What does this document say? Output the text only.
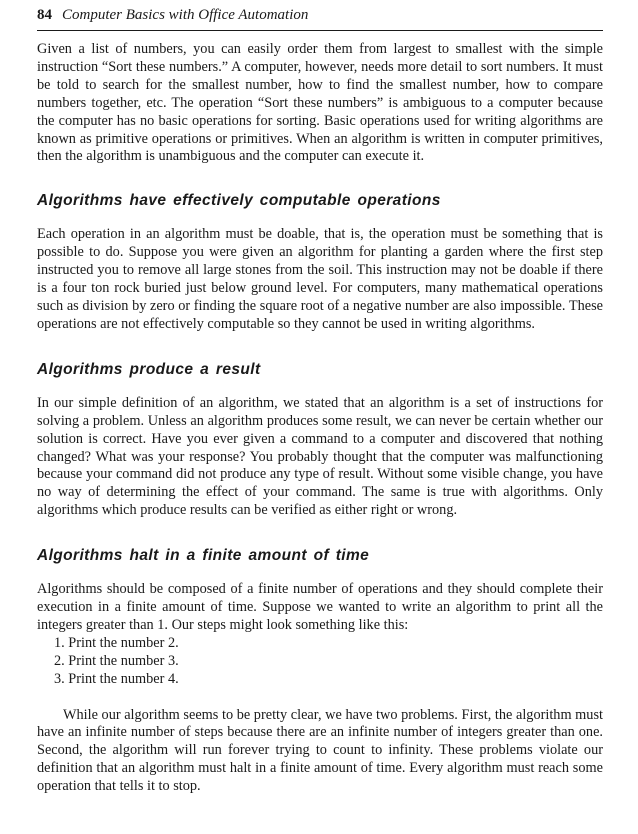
84 Computer Basics with Office Automation

Given a list of numbers, you can easily order them from largest to smallest with the simple instruction “Sort these numbers.” A computer, however, needs more detail to sort numbers. It must be told to search for the smallest number, how to find the smallest number, how to compare numbers together, etc. The operation “Sort these numbers” is ambiguous to a computer because the computer has no basic operations for sorting. Basic operations used for writing algorithms are known as primitive operations or primitives. When an algorithm is written in computer primitives, then the algorithm is unambiguous and the computer can execute it.

Algorithms have effectively computable operations

Each operation in an algorithm must be doable, that is, the operation must be something that is possible to do. Suppose you were given an algorithm for planting a garden where the first step instructed you to remove all large stones from the soil. This instruction may not be doable if there is a four ton rock buried just below ground level. For computers, many mathematical operations such as division by zero or finding the square root of a negative number are also impossible. These operations are not effectively computable so they cannot be used in writing algorithms.

Algorithms produce a result

In our simple definition of an algorithm, we stated that an algorithm is a set of instructions for solving a problem. Unless an algorithm produces some result, we can never be certain whether our solution is correct. Have you ever given a command to a computer and discovered that nothing changed? What was your response? You probably thought that the computer was malfunctioning because your command did not produce any type of result. Without some visible change, you have no way of determining the effect of your command. The same is true with algorithms. Only algorithms which produce results can be verified as either right or wrong.

Algorithms halt in a finite amount of time

Algorithms should be composed of a finite number of operations and they should complete their execution in a finite amount of time. Suppose we wanted to write an algorithm to print all the integers greater than 1. Our steps might look something like this:

1. Print the number 2.
2. Print the number 3.
3. Print the number 4.

While our algorithm seems to be pretty clear, we have two problems. First, the algorithm must have an infinite number of steps because there are an infinite number of integers greater than one. Second, the algorithm will run forever trying to count to infinity. These problems violate our definition that an algorithm must halt in a finite amount of time. Every algorithm must reach some operation that tells it to stop.
